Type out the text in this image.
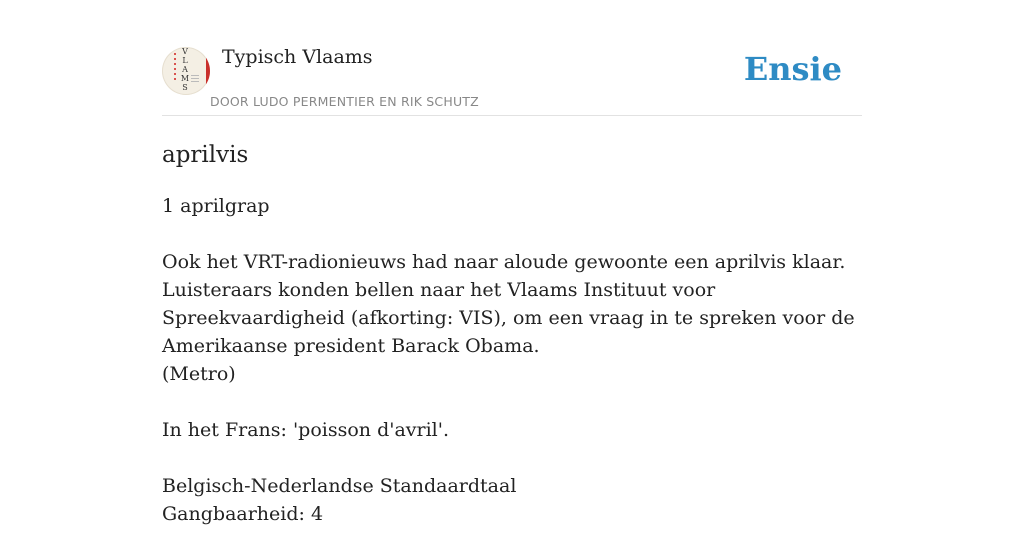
V
L
A
M
S
Typisch Vlaams
DOOR LUDO PERMENTIER EN RIK SCHUTZ
Ensie
aprilvis

1 aprilgrap

Ook het VRT-radionieuws had naar aloude gewoonte een aprilvis klaar. Luisteraars konden bellen naar het Vlaams Instituut voor Spreekvaardigheid (afkorting: VIS), om een vraag in te spreken voor de Amerikaanse president Barack Obama.
(Metro)

In het Frans: 'poisson d'avril'.

Belgisch-Nederlandse Standaardtaal
Gangbaarheid: 4
